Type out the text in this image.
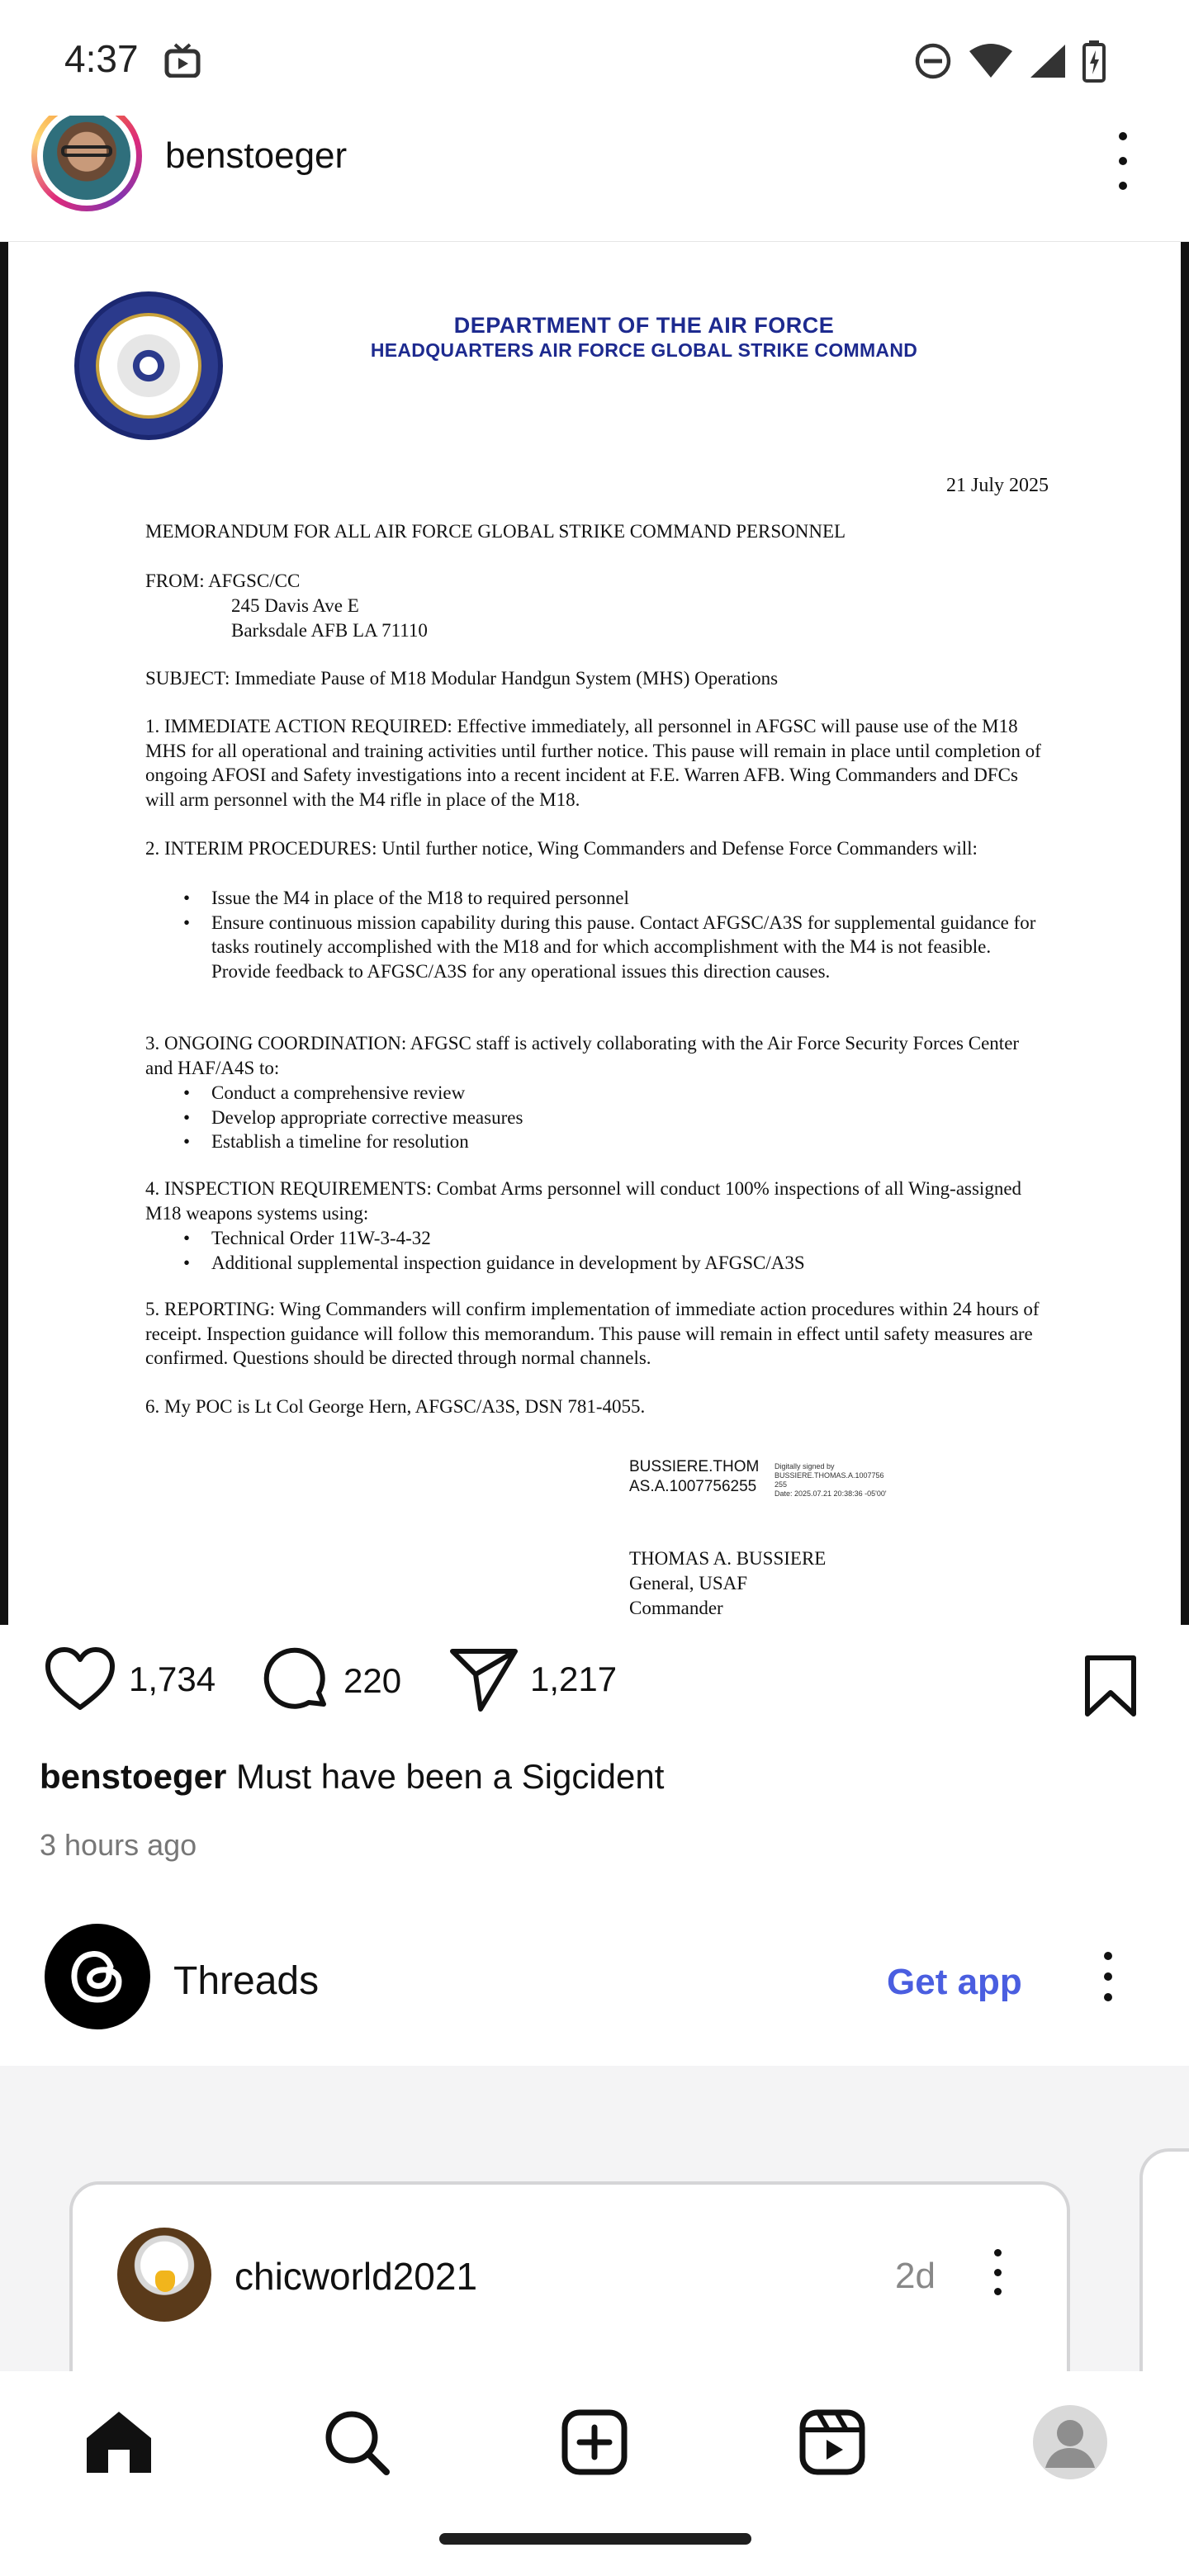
4:37
benstoeger
DEPARTMENT OF THE AIR FORCE
HEADQUARTERS AIR FORCE GLOBAL STRIKE COMMAND
21 July 2025
MEMORANDUM FOR ALL AIR FORCE GLOBAL STRIKE COMMAND PERSONNEL
FROM: AFGSC/CC
245 Davis Ave E
Barksdale AFB LA 71110
SUBJECT: Immediate Pause of M18 Modular Handgun System (MHS) Operations
1. IMMEDIATE ACTION REQUIRED: Effective immediately, all personnel in AFGSC will pause use of the M18 MHS for all operational and training activities until further notice. This pause will remain in place until completion of ongoing AFOSI and Safety investigations into a recent incident at F.E. Warren AFB. Wing Commanders and DFCs will arm personnel with the M4 rifle in place of the M18.
2. INTERIM PROCEDURES: Until further notice, Wing Commanders and Defense Force Commanders will:
• Issue the M4 in place of the M18 to required personnel
• Ensure continuous mission capability during this pause. Contact AFGSC/A3S for supplemental guidance for tasks routinely accomplished with the M18 and for which accomplishment with the M4 is not feasible. Provide feedback to AFGSC/A3S for any operational issues this direction causes.
3. ONGOING COORDINATION: AFGSC staff is actively collaborating with the Air Force Security Forces Center and HAF/A4S to:
• Conduct a comprehensive review
• Develop appropriate corrective measures
• Establish a timeline for resolution
4. INSPECTION REQUIREMENTS: Combat Arms personnel will conduct 100% inspections of all Wing-assigned M18 weapons systems using:
• Technical Order 11W-3-4-32
• Additional supplemental inspection guidance in development by AFGSC/A3S
5. REPORTING: Wing Commanders will confirm implementation of immediate action procedures within 24 hours of receipt. Inspection guidance will follow this memorandum. This pause will remain in effect until safety measures are confirmed. Questions should be directed through normal channels.
6. My POC is Lt Col George Hern, AFGSC/A3S, DSN 781-4055.
BUSSIERE.THOM
AS.A.1007756255
Digitally signed by
BUSSIERE.THOMAS.A.1007756
255
Date: 2025.07.21 20:38:36 -05'00'
THOMAS A. BUSSIERE
General, USAF
Commander
1,734	220	1,217
benstoeger Must have been a Sigcident
3 hours ago
Threads	Get app
chicworld2021	2d
